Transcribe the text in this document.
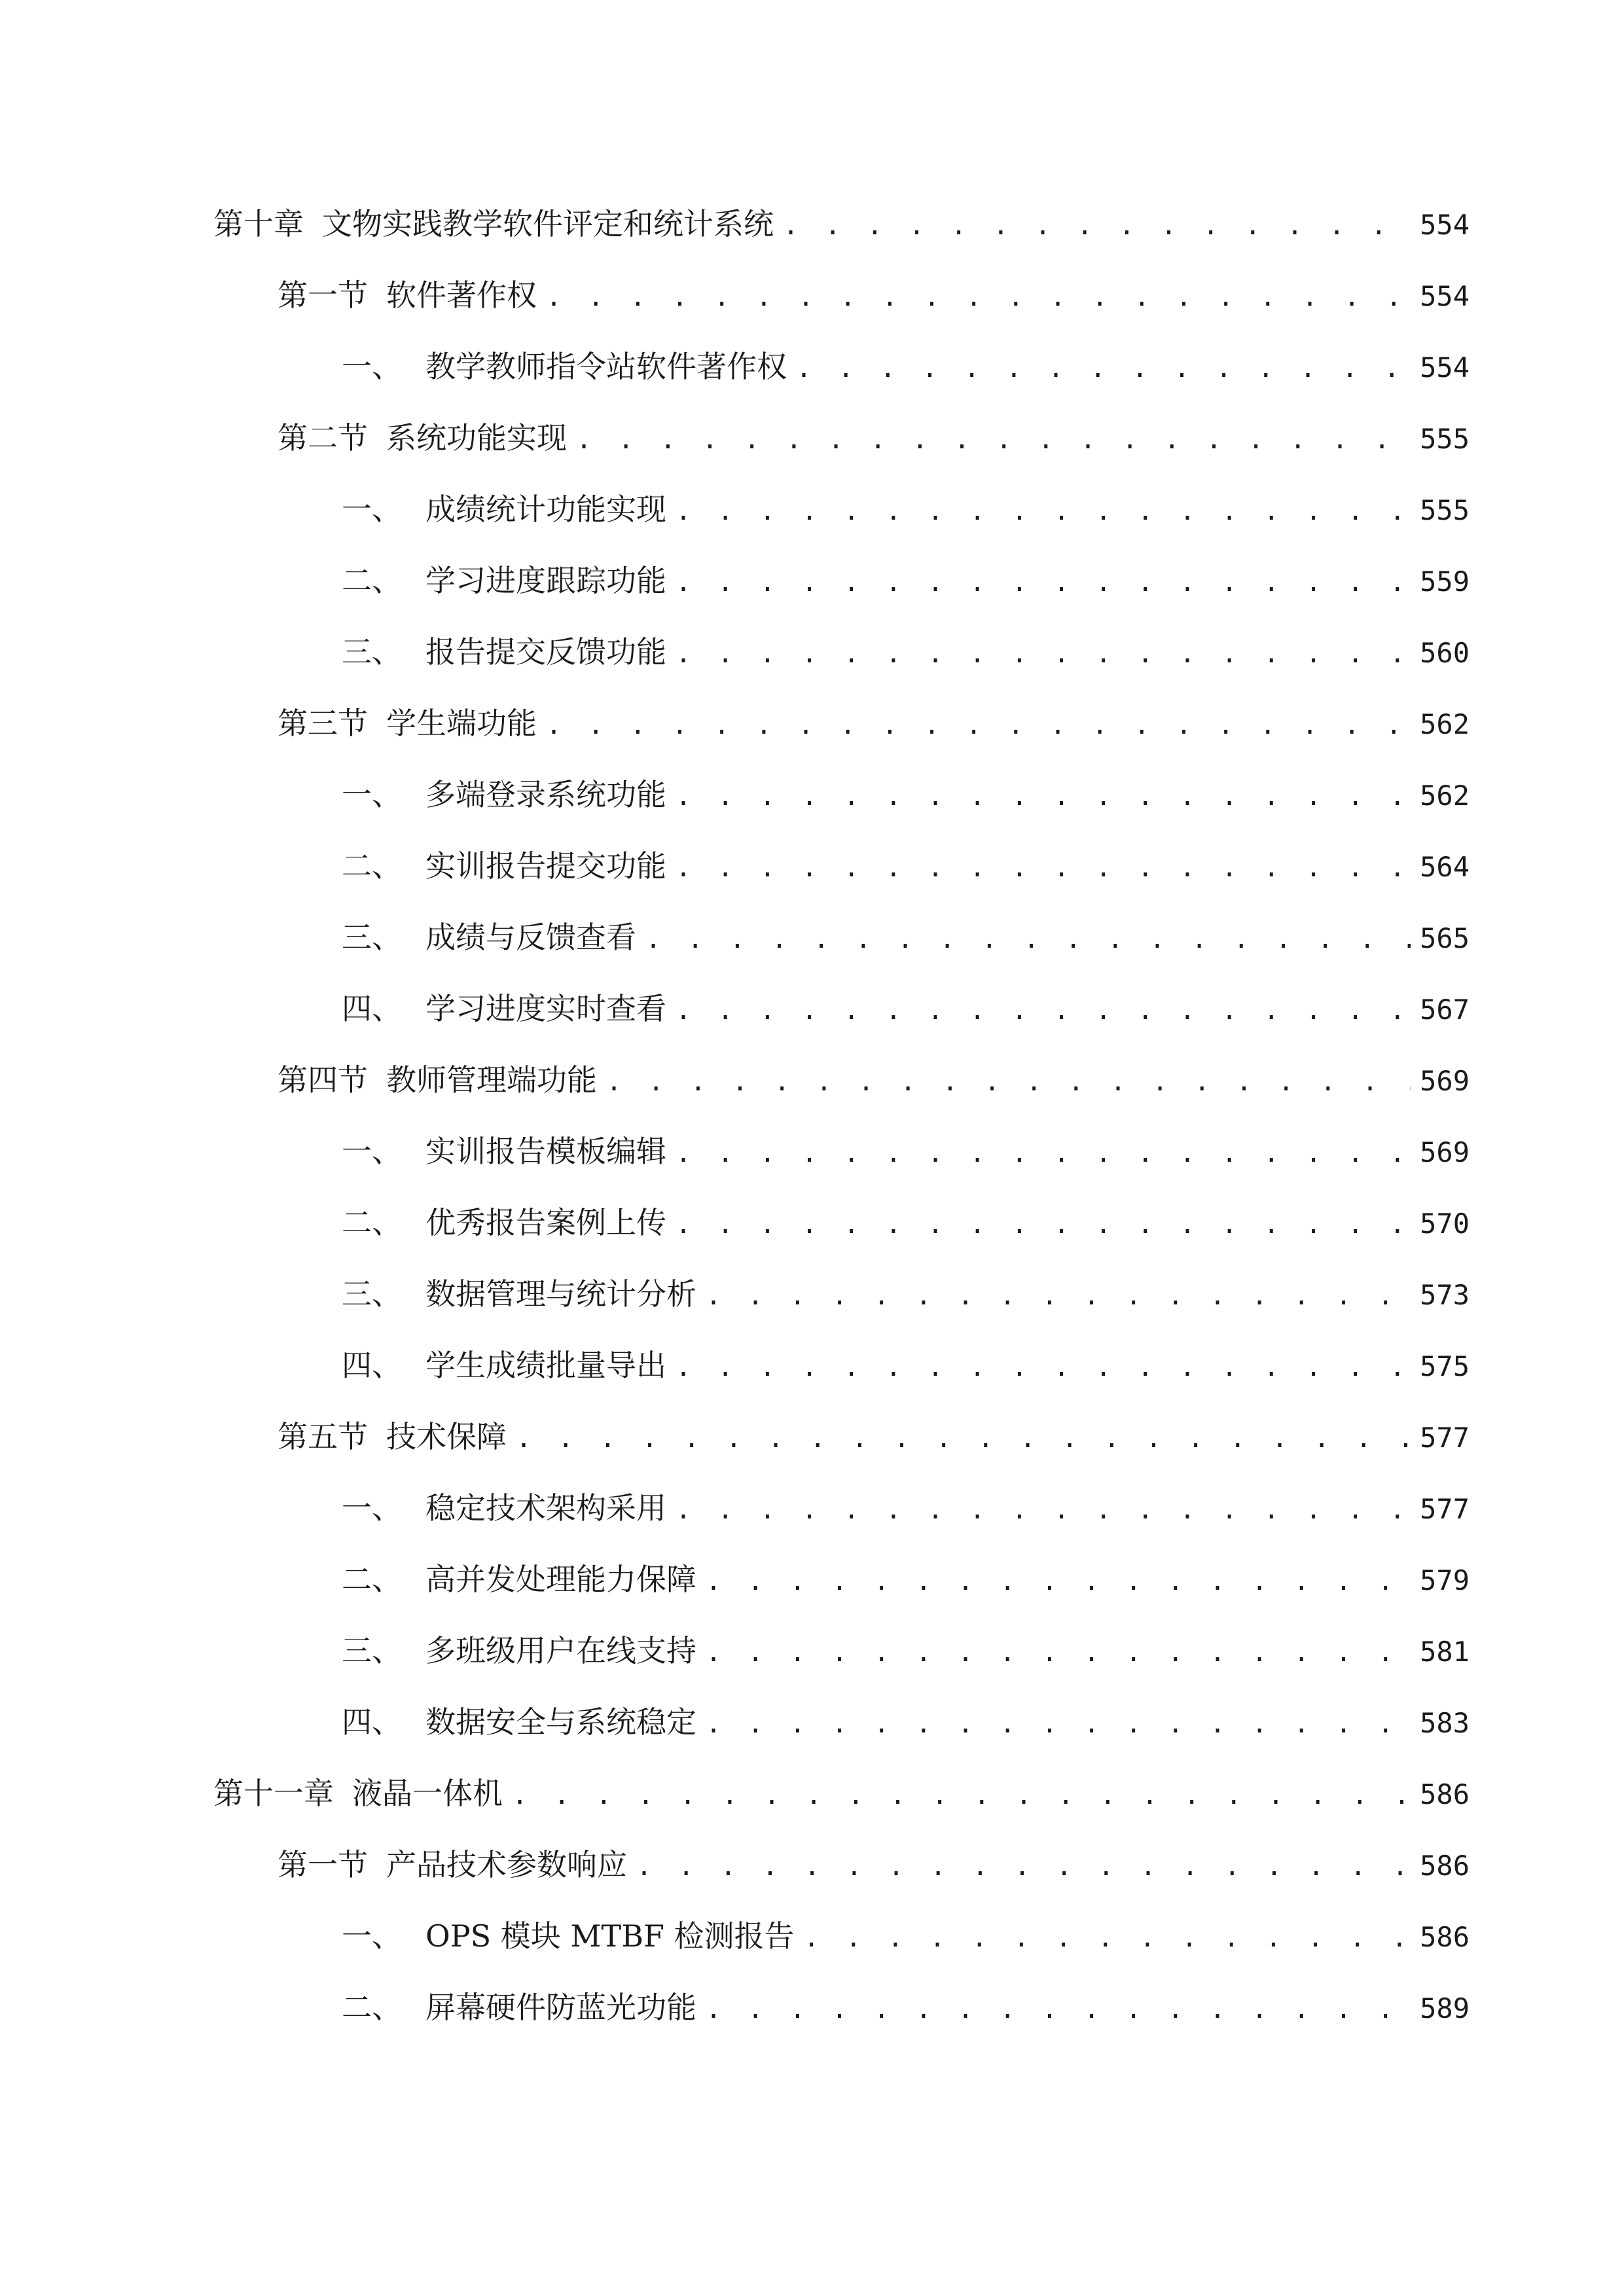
第十章 文物实践教学软件评定和统计系统 . . .	554
第一节 软件著作权 . . .	554
一、 教学教师指令站软件著作权 . . .	554
第二节 系统功能实现 . . .	555
一、 成绩统计功能实现 . . .	555
二、 学习进度跟踪功能 . . .	559
三、 报告提交反馈功能 . . .	560
第三节 学生端功能 . . .	562
一、 多端登录系统功能 . . .	562
二、 实训报告提交功能 . . .	564
三、 成绩与反馈查看 . . .	565
四、 学习进度实时查看 . . .	567
第四节 教师管理端功能 . . .	569
一、 实训报告模板编辑 . . .	569
二、 优秀报告案例上传 . . .	570
三、 数据管理与统计分析 . . .	573
四、 学生成绩批量导出 . . .	575
第五节 技术保障 . . .	577
一、 稳定技术架构采用 . . .	577
二、 高并发处理能力保障 . . .	579
三、 多班级用户在线支持 . . .	581
四、 数据安全与系统稳定 . . .	583
第十一章 液晶一体机 . . .	586
第一节 产品技术参数响应 . . .	586
一、 OPS 模块 MTBF 检测报告 . . .	586
二、 屏幕硬件防蓝光功能 . . .	589
